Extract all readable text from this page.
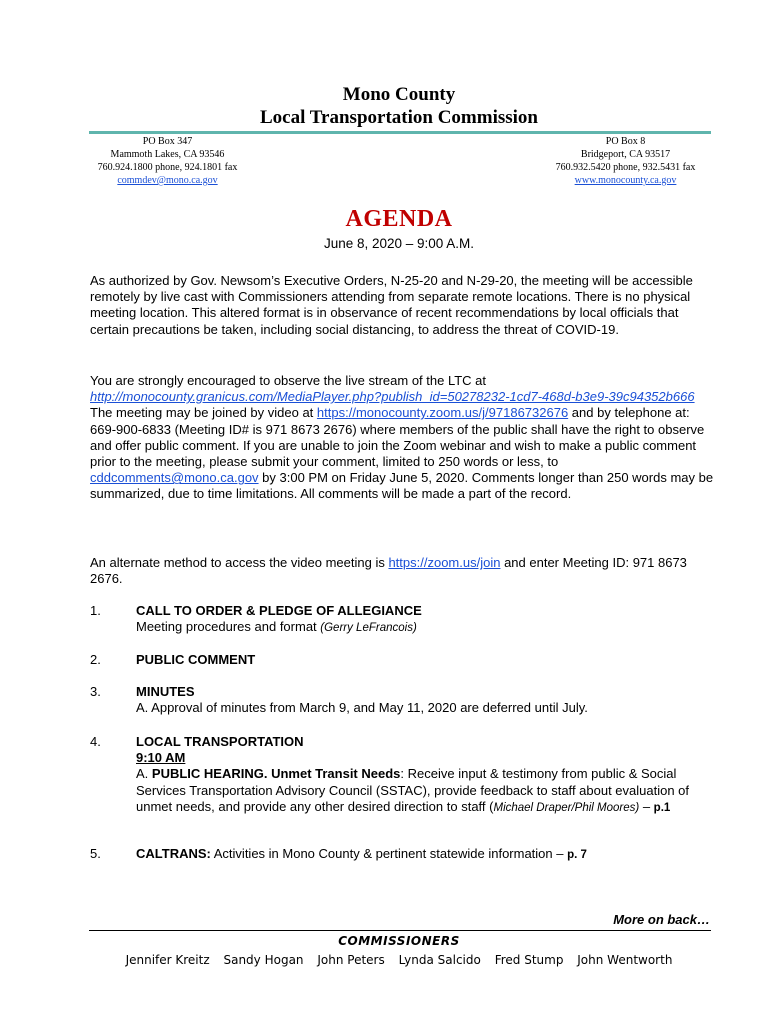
Mono County
Local Transportation Commission
PO Box 347
Mammoth Lakes, CA 93546
760.924.1800 phone, 924.1801 fax
commdev@mono.ca.gov
PO Box 8
Bridgeport, CA 93517
760.932.5420 phone, 932.5431 fax
www.monocounty.ca.gov
AGENDA
June 8, 2020 – 9:00 A.M.
As authorized by Gov. Newsom’s Executive Orders, N-25-20 and N-29-20, the meeting will be accessible remotely by live cast with Commissioners attending from separate remote locations. There is no physical meeting location. This altered format is in observance of recent recommendations by local officials that certain precautions be taken, including social distancing, to address the threat of COVID-19.
You are strongly encouraged to observe the live stream of the LTC at
http://monocounty.granicus.com/MediaPlayer.php?publish_id=50278232-1cd7-468d-b3e9-39c94352b666
The meeting may be joined by video at https://monocounty.zoom.us/j/97186732676 and by telephone at: 669-900-6833 (Meeting ID# is 971 8673 2676) where members of the public shall have the right to observe and offer public comment. If you are unable to join the Zoom webinar and wish to make a public comment prior to the meeting, please submit your comment, limited to 250 words or less, to cddcomments@mono.ca.gov by 3:00 PM on Friday June 5, 2020. Comments longer than 250 words may be summarized, due to time limitations. All comments will be made a part of the record.
An alternate method to access the video meeting is https://zoom.us/join and enter Meeting ID: 971 8673 2676.
1.	CALL TO ORDER & PLEDGE OF ALLEGIANCE
Meeting procedures and format (Gerry LeFrancois)
2.	PUBLIC COMMENT
3.	MINUTES
A. Approval of minutes from March 9, and May 11, 2020 are deferred until July.
4.	LOCAL TRANSPORTATION
9:10 AM
A. PUBLIC HEARING. Unmet Transit Needs: Receive input & testimony from public & Social Services Transportation Advisory Council (SSTAC), provide feedback to staff about evaluation of unmet needs, and provide any other desired direction to staff (Michael Draper/Phil Moores) – p.1
5.	CALTRANS: Activities in Mono County & pertinent statewide information – p. 7
More on back…
COMMISSIONERS
Jennifer Kreitz Sandy Hogan John Peters Lynda Salcido Fred Stump John Wentworth
